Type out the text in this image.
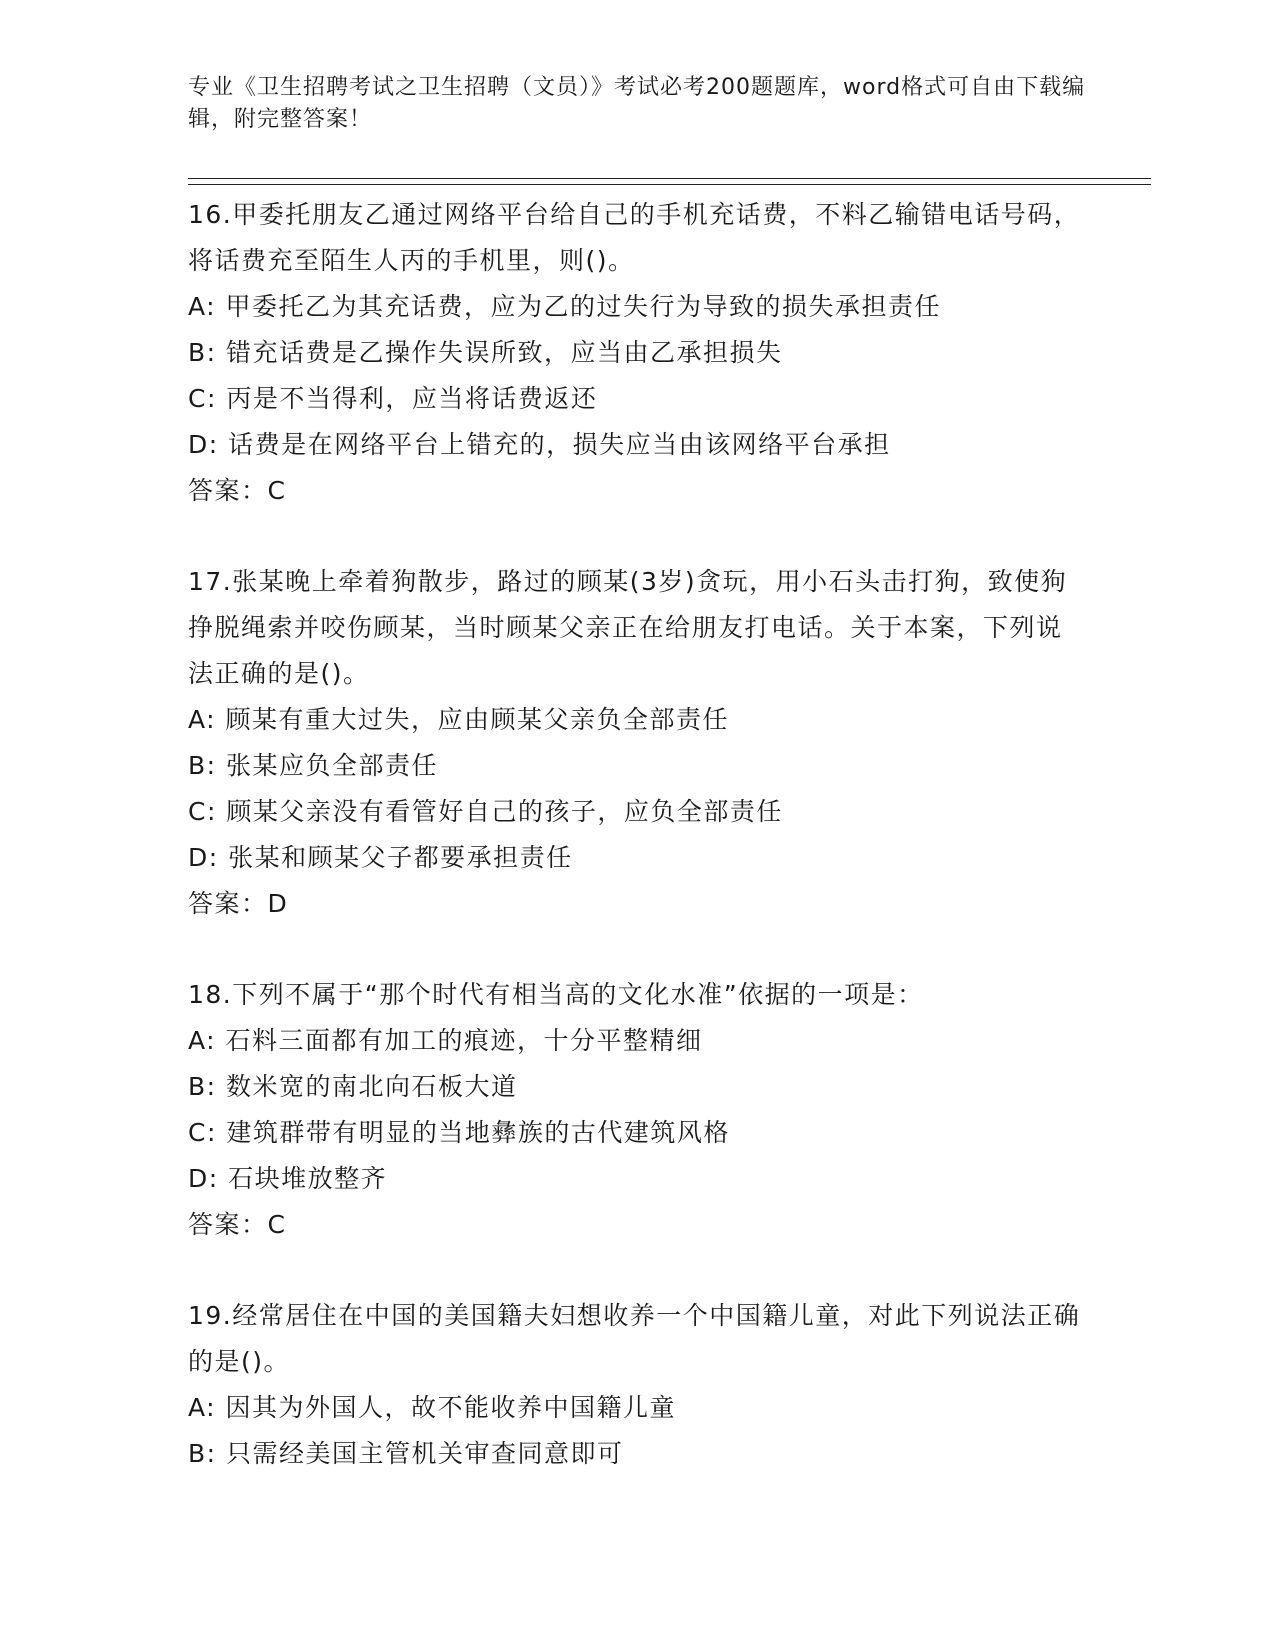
专业《卫生招聘考试之卫生招聘（文员）》考试必考200题题库，word格式可自由下载编辑，附完整答案！
16.甲委托朋友乙通过网络平台给自己的手机充话费，不料乙输错电话号码，将话费充至陌生人丙的手机里，则()。
A: 甲委托乙为其充话费，应为乙的过失行为导致的损失承担责任
B: 错充话费是乙操作失误所致，应当由乙承担损失
C: 丙是不当得利，应当将话费返还
D: 话费是在网络平台上错充的，损失应当由该网络平台承担
答案：C
17.张某晚上牵着狗散步，路过的顾某(3岁)贪玩，用小石头击打狗，致使狗挣脱绳索并咬伤顾某，当时顾某父亲正在给朋友打电话。关于本案，下列说法正确的是()。
A: 顾某有重大过失，应由顾某父亲负全部责任
B: 张某应负全部责任
C: 顾某父亲没有看管好自己的孩子，应负全部责任
D: 张某和顾某父子都要承担责任
答案：D
18.下列不属于“那个时代有相当高的文化水准”依据的一项是：
A: 石料三面都有加工的痕迹，十分平整精细
B: 数米宽的南北向石板大道
C: 建筑群带有明显的当地彝族的古代建筑风格
D: 石块堆放整齐
答案：C
19.经常居住在中国的美国籍夫妇想收养一个中国籍儿童，对此下列说法正确的是()。
A: 因其为外国人，故不能收养中国籍儿童
B: 只需经美国主管机关审查同意即可
